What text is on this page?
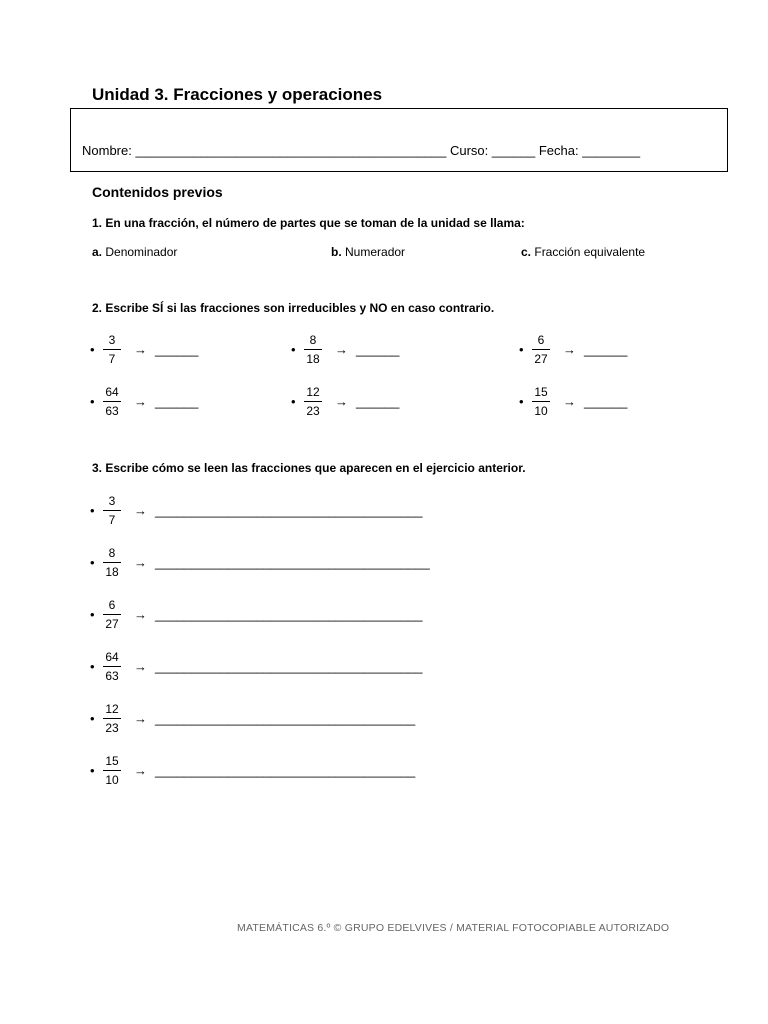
Unidad 3. Fracciones y operaciones
Nombre: ___________________________________________ Curso: ______ Fecha: ________
Contenidos previos
1. En una fracción, el número de partes que se toman de la unidad se llama:
a. Denominador	b. Numerador	c. Fracción equivalente
2. Escribe SÍ si las fracciones son irreducibles y NO en caso contrario.
• $\frac{3}{7}$ → ______	• $\frac{8}{18}$ → ______	• $\frac{6}{27}$ → ______
• $\frac{64}{63}$ → ______	• $\frac{12}{23}$ → ______	• $\frac{15}{10}$ → ______
3. Escribe cómo se leen las fracciones que aparecen en el ejercicio anterior.
• $\frac{3}{7}$ → _____________________________________
• $\frac{8}{18}$ → ______________________________________
• $\frac{6}{27}$ → _____________________________________
• $\frac{64}{63}$ → _____________________________________
• $\frac{12}{23}$ → ____________________________________
• $\frac{15}{10}$ → ____________________________________
MATEMÁTICAS 6.º © GRUPO EDELVIVES / MATERIAL FOTOCOPIABLE AUTORIZADO
